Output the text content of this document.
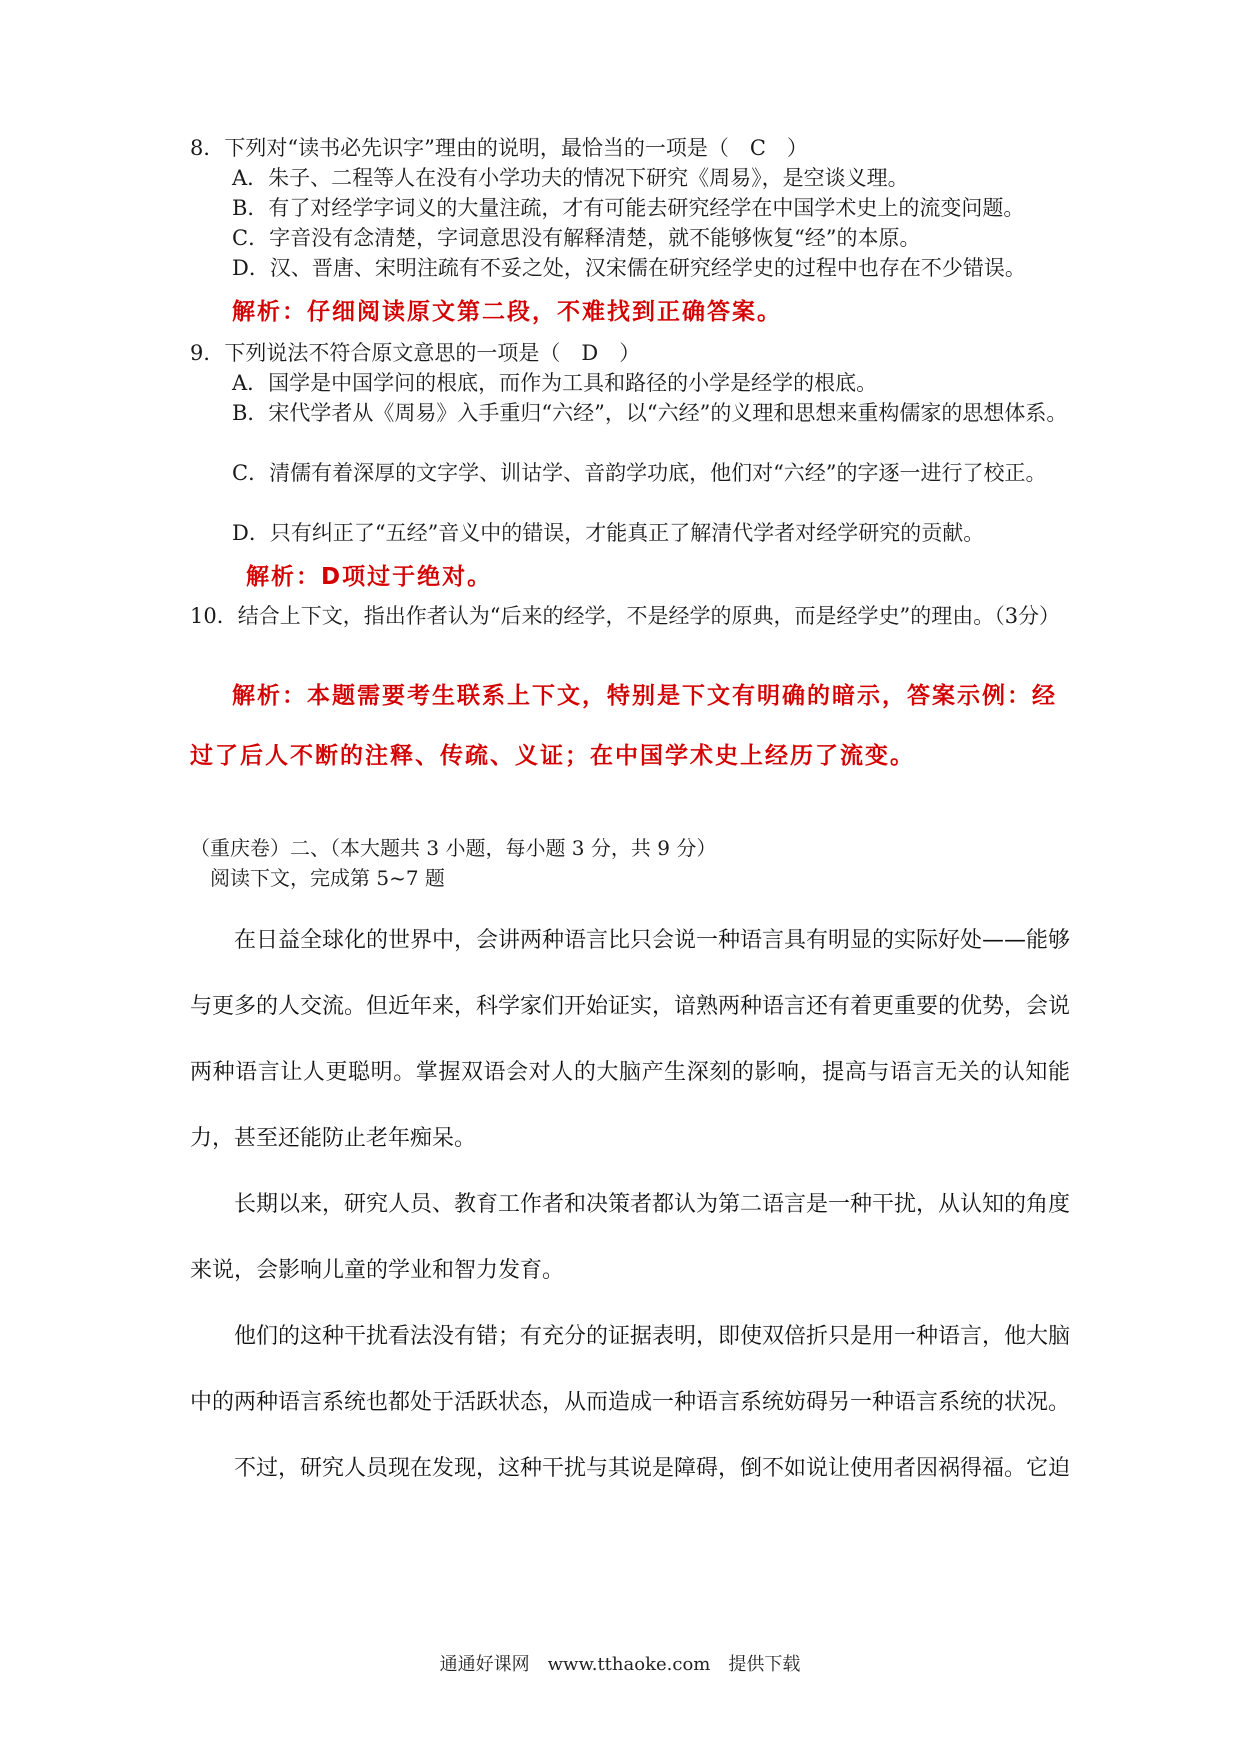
8．下列对“读书必先识字”理由的说明，最恰当的一项是（　C　）
A．朱子、二程等人在没有小学功夫的情况下研究《周易》，是空谈义理。
B．有了对经学字词义的大量注疏，才有可能去研究经学在中国学术史上的流变问题。
C．字音没有念清楚，字词意思没有解释清楚，就不能够恢复“经”的本原。
D．汉、晋唐、宋明注疏有不妥之处，汉宋儒在研究经学史的过程中也存在不少错误。
解析：仔细阅读原文第二段，不难找到正确答案。
9．下列说法不符合原文意思的一项是（　D　）
A．国学是中国学问的根底，而作为工具和路径的小学是经学的根底。
B．宋代学者从《周易》入手重归“六经”，以“六经”的义理和思想来重构儒家的思想体系。
C．清儒有着深厚的文字学、训诂学、音韵学功底，他们对“六经”的字逐一进行了校正。
D．只有纠正了“五经”音义中的错误，才能真正了解清代学者对经学研究的贡献。
解析：D项过于绝对。
10．结合上下文，指出作者认为“后来的经学，不是经学的原典，而是经学史”的理由。（3分）
解析：本题需要考生联系上下文，特别是下文有明确的暗示，答案示例：经过了后人不断的注释、传疏、义证；在中国学术史上经历了流变。
（重庆卷）二、（本大题共 3 小题，每小题 3 分，共 9 分）
阅读下文，完成第 5~7 题

在日益全球化的世界中，会讲两种语言比只会说一种语言具有明显的实际好处——能够与更多的人交流。但近年来，科学家们开始证实，谙熟两种语言还有着更重要的优势，会说两种语言让人更聪明。掌握双语会对人的大脑产生深刻的影响，提高与语言无关的认知能力，甚至还能防止老年痴呆。

长期以来，研究人员、教育工作者和决策者都认为第二语言是一种干扰，从认知的角度来说，会影响儿童的学业和智力发育。

他们的这种干扰看法没有错；有充分的证据表明，即使双倍折只是用一种语言，他大脑中的两种语言系统也都处于活跃状态，从而造成一种语言系统妨碍另一种语言系统的状况。

不过，研究人员现在发现，这种干扰与其说是障碍，倒不如说让使用者因祸得福。它迫

通通好课网　www.tthaoke.com　提供下载
